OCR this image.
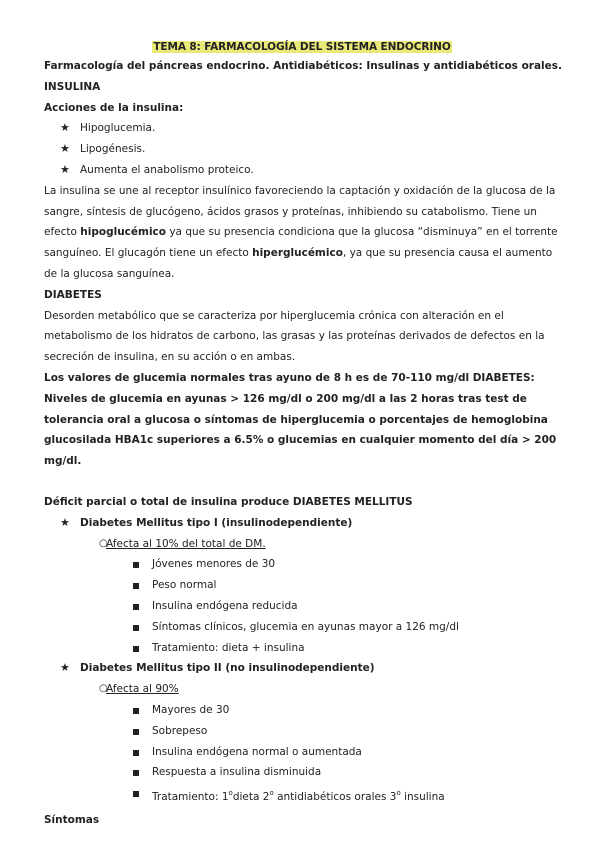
TEMA 8: FARMACOLOGÍA DEL SISTEMA ENDOCRINO
Farmacología del páncreas endocrino. Antidiabéticos: Insulinas y antidiabéticos orales.
INSULINA
Acciones de la insulina:
★ Hipoglucemia.
★ Lipogénesis.
★ Aumenta el anabolismo proteico.

La insulina se une al receptor insulínico favoreciendo la captación y oxidación de la glucosa de la sangre, síntesis de glucógeno, ácidos grasos y proteínas, inhibiendo su catabolismo. Tiene un efecto hipoglucémico ya que su presencia condiciona que la glucosa “disminuya” en el torrente sanguíneo. El glucagón tiene un efecto hiperglucémico, ya que su presencia causa el aumento de la glucosa sanguínea.

DIABETES

Desorden metabólico que se caracteriza por hiperglucemia crónica con alteración en el metabolismo de los hidratos de carbono, las grasas y las proteínas derivados de defectos en la secreción de insulina, en su acción o en ambas.

Los valores de glucemia normales tras ayuno de 8 h es de 70-110 mg/dl DIABETES: Niveles de glucemia en ayunas > 126 mg/dl o 200 mg/dl a las 2 horas tras test de tolerancia oral a glucosa o síntomas de hiperglucemia o porcentajes de hemoglobina glucosilada HBA1c superiores a 6.5% o glucemias en cualquier momento del día > 200 mg/dl.

Déficit parcial o total de insulina produce DIABETES MELLITUS
★ Diabetes Mellitus tipo I (insulinodependiente)
○
Afecta al 10% del total de DM.
Jóvenes menores de 30
Peso normal
Insulina endógena reducida
Síntomas clínicos, glucemia en ayunas mayor a 126 mg/dl
Tratamiento: dieta + insulina
★ Diabetes Mellitus tipo II (no insulinodependiente)
○
Afecta al 90%
Mayores de 30
Sobrepeso
Insulina endógena normal o aumentada
Respuesta a insulina disminuida
Tratamiento: 1$^o$dieta 2$^o$ antidiabéticos orales 3$^o$ insulina
Síntomas
